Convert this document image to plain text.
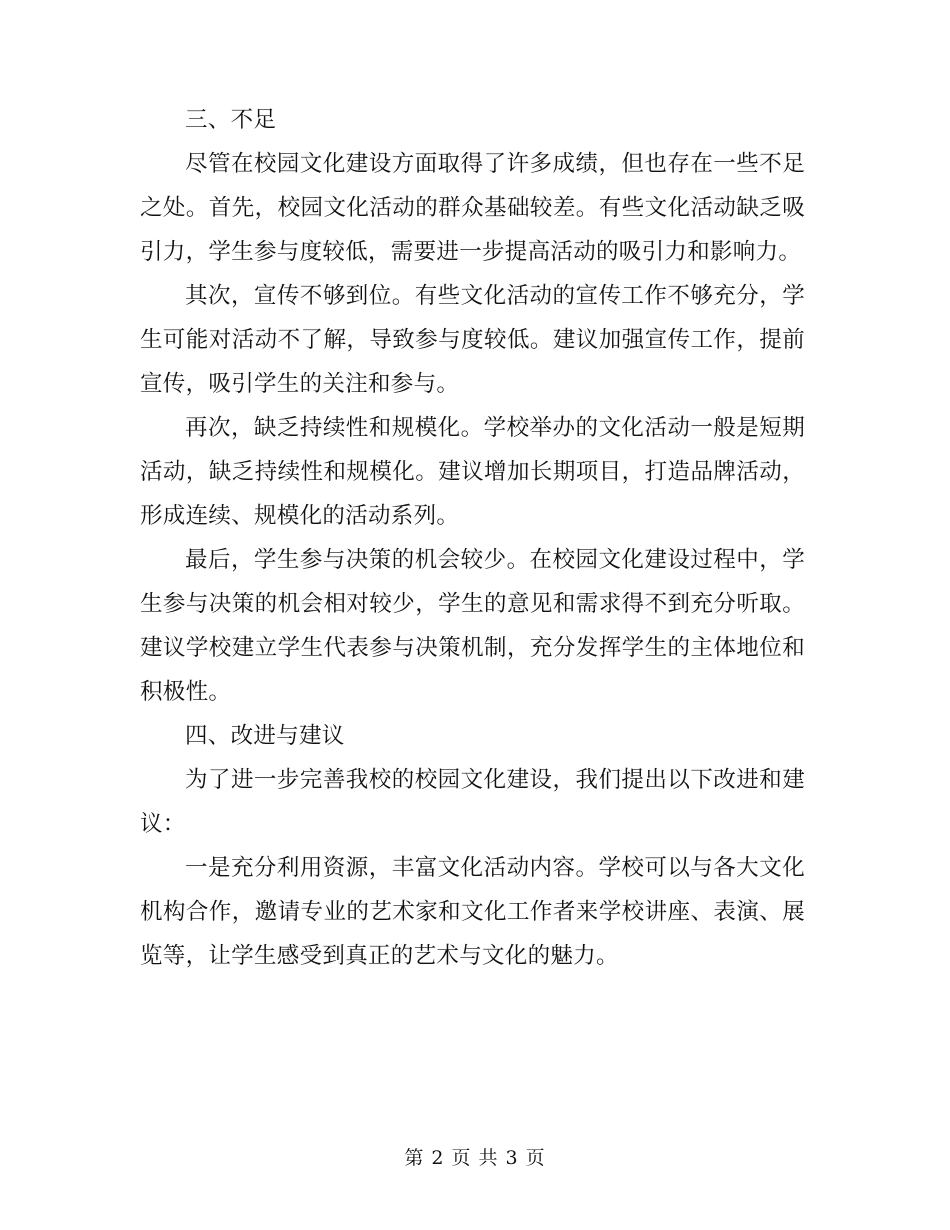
三、不足

尽管在校园文化建设方面取得了许多成绩，但也存在一些不足之处。首先，校园文化活动的群众基础较差。有些文化活动缺乏吸引力，学生参与度较低，需要进一步提高活动的吸引力和影响力。

其次，宣传不够到位。有些文化活动的宣传工作不够充分，学生可能对活动不了解，导致参与度较低。建议加强宣传工作，提前宣传，吸引学生的关注和参与。

再次，缺乏持续性和规模化。学校举办的文化活动一般是短期活动，缺乏持续性和规模化。建议增加长期项目，打造品牌活动，形成连续、规模化的活动系列。

最后，学生参与决策的机会较少。在校园文化建设过程中，学生参与决策的机会相对较少，学生的意见和需求得不到充分听取。建议学校建立学生代表参与决策机制，充分发挥学生的主体地位和积极性。

四、改进与建议

为了进一步完善我校的校园文化建设，我们提出以下改进和建议：

一是充分利用资源，丰富文化活动内容。学校可以与各大文化机构合作，邀请专业的艺术家和文化工作者来学校讲座、表演、展览等，让学生感受到真正的艺术与文化的魅力。

第 2 页 共 3 页
